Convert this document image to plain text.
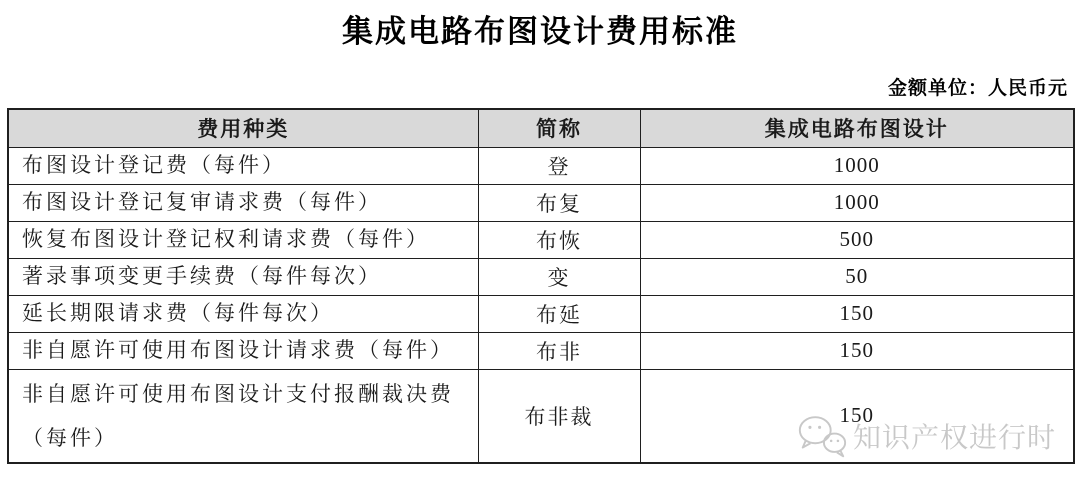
集成电路布图设计费用标准
金额单位：人民币元
费用种类	简称	集成电路布图设计
布图设计登记费（每件）	登	1000
布图设计登记复审请求费（每件）	布复	1000
恢复布图设计登记权利请求费（每件）	布恢	500
著录事项变更手续费（每件每次）	变	50
延长期限请求费（每件每次）	布延	150
非自愿许可使用布图设计请求费（每件）	布非	150
非自愿许可使用布图设计支付报酬裁决费（每件）	布非裁	150
知识产权进行时
